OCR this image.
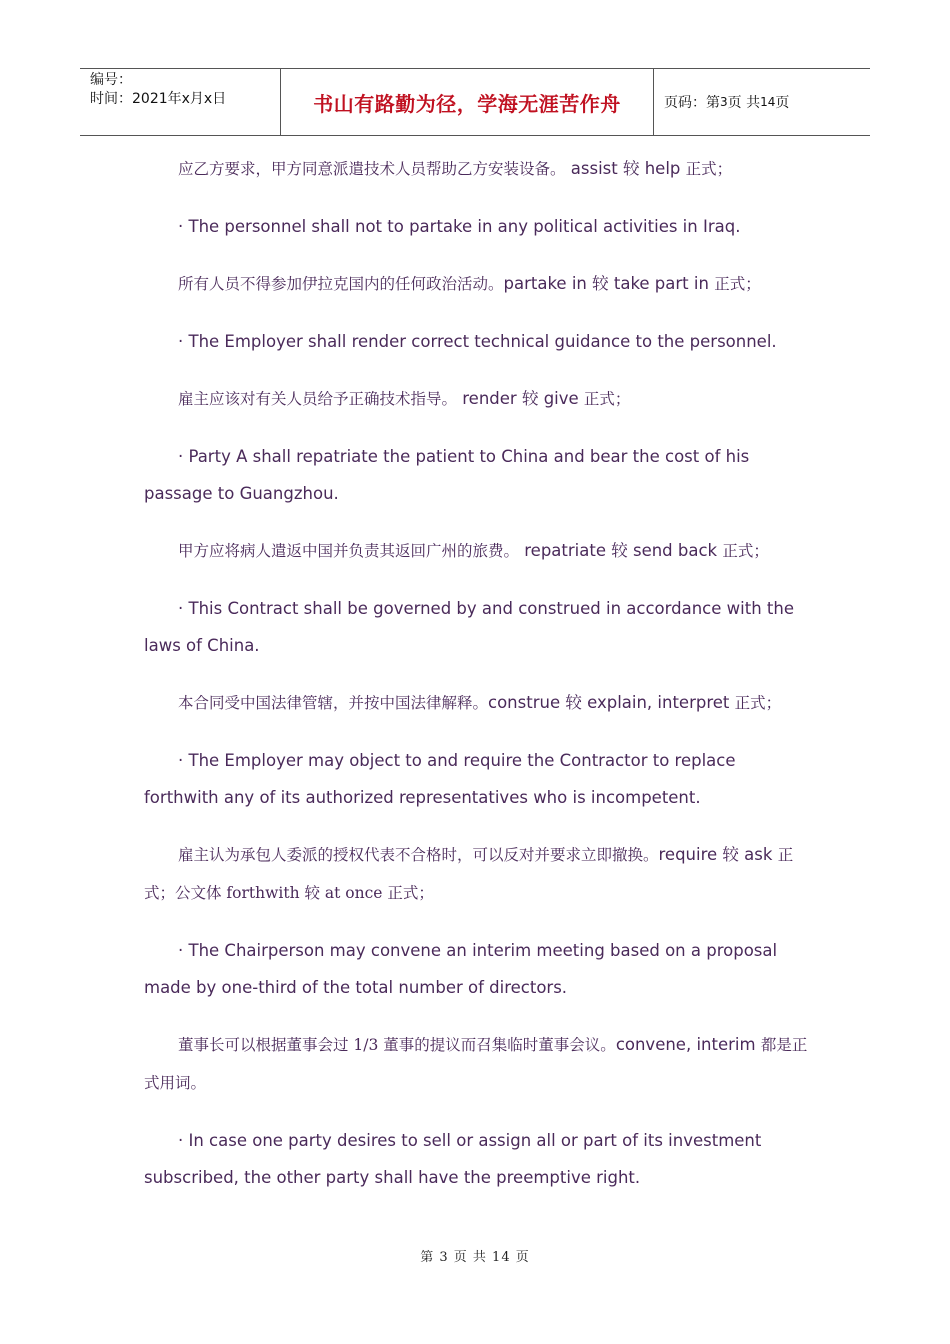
编号：
时间：2021年x月x日	书山有路勤为径，学海无涯苦作舟	页码：第 3 页 共 14 页

应乙方要求，甲方同意派遣技术人员帮助乙方安装设备。 assist 较 help 正式；

· The personnel shall not to partake in any political activities in Iraq.

所有人员不得参加伊拉克国内的任何政治活动。partake in 较 take part in 正式；

· The Employer shall render correct technical guidance to the personnel.

雇主应该对有关人员给予正确技术指导。 render 较 give 正式；

· Party A shall repatriate the patient to China and bear the cost of his passage to Guangzhou.

甲方应将病人遣返中国并负责其返回广州的旅费。 repatriate 较 send back 正式；

· This Contract shall be governed by and construed in accordance with the laws of China.

本合同受中国法律管辖，并按中国法律解释。construe 较 explain, interpret 正式；

· The Employer may object to and require the Contractor to replace forthwith any of its authorized representatives who is incompetent.

雇主认为承包人委派的授权代表不合格时，可以反对并要求立即撤换。require 较 ask 正式；公文体 forthwith 较 at once 正式；

· The Chairperson may convene an interim meeting based on a proposal made by one-third of the total number of directors.

董事长可以根据董事会过 1/3 董事的提议而召集临时董事会议。convene, interim 都是正式用词。

· In case one party desires to sell or assign all or part of its investment subscribed, the other party shall have the preemptive right.

第 3 页 共 14 页
